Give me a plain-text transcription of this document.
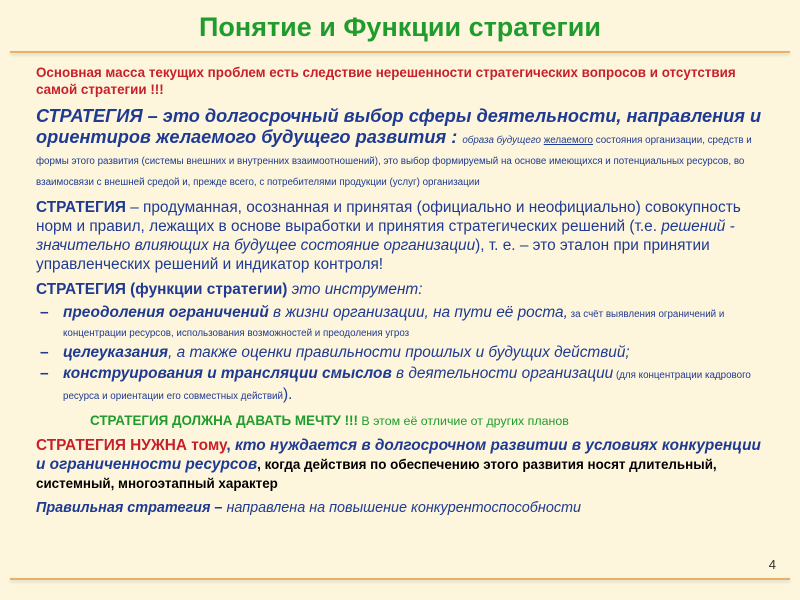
Понятие и Функции стратегии

Основная масса текущих проблем есть следствие нерешенности стратегических вопросов и отсутствия самой стратегии !!!

СТРАТЕГИЯ – это долгосрочный выбор сферы деятельности, направления и ориентиров желаемого будущего развития : образа будущего желаемого состояния организации, средств и формы этого развития (системы внешних и внутренних взаимоотношений), это выбор формируемый на основе имеющихся и потенциальных ресурсов, во взаимосвязи с внешней средой и, прежде всего, с потребителями продукции (услуг) организации

СТРАТЕГИЯ – продуманная, осознанная и принятая (официально и неофициально) совокупность норм и правил, лежащих в основе выработки и принятия стратегических решений (т.е. решений - значительно влияющих на будущее состояние организации), т. е. – это эталон при принятии управленческих решений и индикатор контроля!

СТРАТЕГИЯ (функции стратегии) это инструмент:

– преодоления ограничений в жизни организации, на пути её роста, за счёт выявления ограничений и концентрации ресурсов, использования возможностей и преодоления угроз
– целеуказания, а также оценки правильности прошлых и будущих действий;
– конструирования и трансляции смыслов в деятельности организации (для концентрации кадрового ресурса и ориентации его совместных действий).

СТРАТЕГИЯ ДОЛЖНА ДАВАТЬ МЕЧТУ !!! В этом её отличие от других планов

СТРАТЕГИЯ НУЖНА тому, кто нуждается в долгосрочном развитии в условиях конкуренции и ограниченности ресурсов, когда действия по обеспечению этого развития носят длительный, системный, многоэтапный характер

Правильная стратегия – направлена на повышение конкурентоспособности

4
